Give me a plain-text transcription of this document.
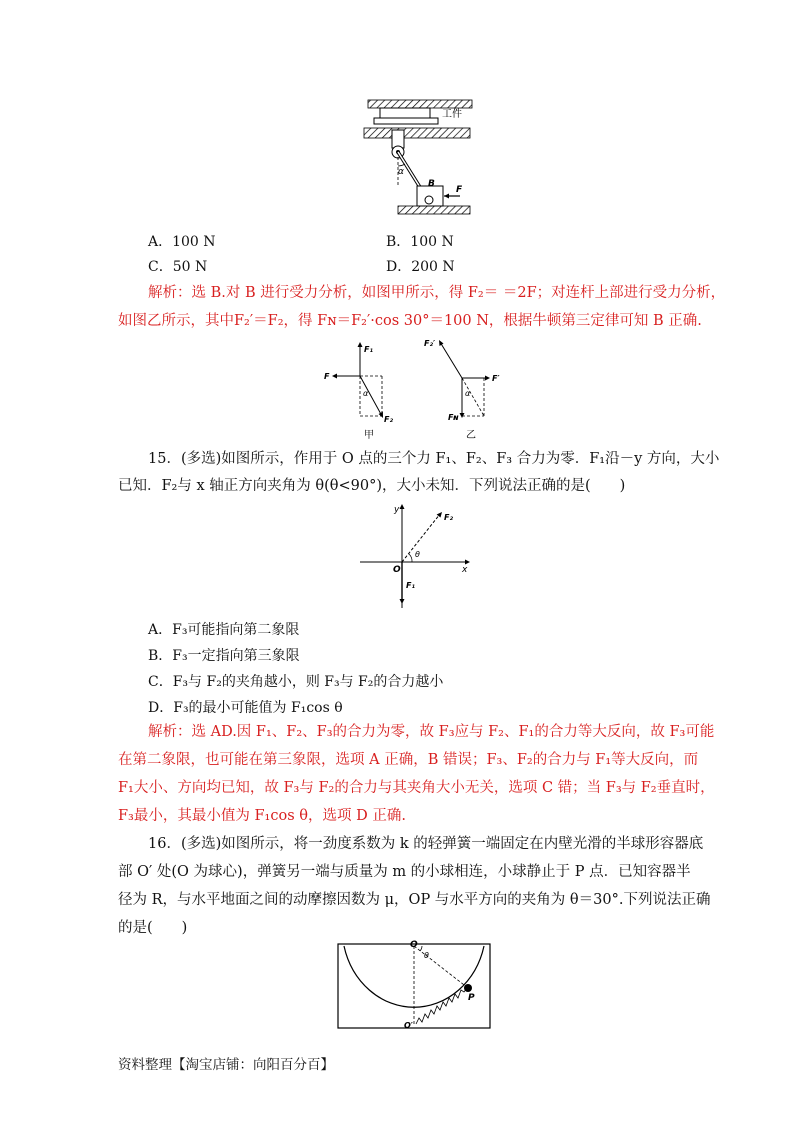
工件
α
B
F
A．100 N	B．100 N
C．50 N	D．200 N
解析：选 B.对 B 进行受力分析，如图甲所示，得 F₂＝ ＝2F；对连杆上部进行受力分析，
如图乙所示，其中F₂′＝F₂，得 Fɴ＝F₂′·cos 30°＝100 N，根据牛顿第三定律可知 B 正确.
F₁
F
α
F₂
甲
F₂′
F′
α
Fɴ
乙
15．(多选)如图所示，作用于 O 点的三个力 F₁、F₂、F₃ 合力为零．F₁沿－y 方向，大小
已知．F₂与 x 轴正方向夹角为 θ(θ<90°)，大小未知．下列说法正确的是(　　)
y
F₂
θ
O	x
F₁
A．F₃可能指向第二象限
B．F₃一定指向第三象限
C．F₃与 F₂的夹角越小，则 F₃与 F₂的合力越小
D．F₃的最小可能值为 F₁cos θ
解析：选 AD.因 F₁、F₂、F₃的合力为零，故 F₃应与 F₂、F₁的合力等大反向，故 F₃可能
在第二象限，也可能在第三象限，选项 A 正确，B 错误；F₃、F₂的合力与 F₁等大反向，而
F₁大小、方向均已知，故 F₃与 F₂的合力与其夹角大小无关，选项 C 错；当 F₃与 F₂垂直时，
F₃最小，其最小值为 F₁cos θ，选项 D 正确.
16．(多选)如图所示，将一劲度系数为 k 的轻弹簧一端固定在内壁光滑的半球形容器底
部 O′ 处(O 为球心)，弹簧另一端与质量为 m 的小球相连，小球静止于 P 点．已知容器半
径为 R，与水平地面之间的动摩擦因数为 μ，OP 与水平方向的夹角为 θ＝30°.下列说法正确
的是(　　)
O
θ
P
O′
资料整理【淘宝店铺：向阳百分百】
